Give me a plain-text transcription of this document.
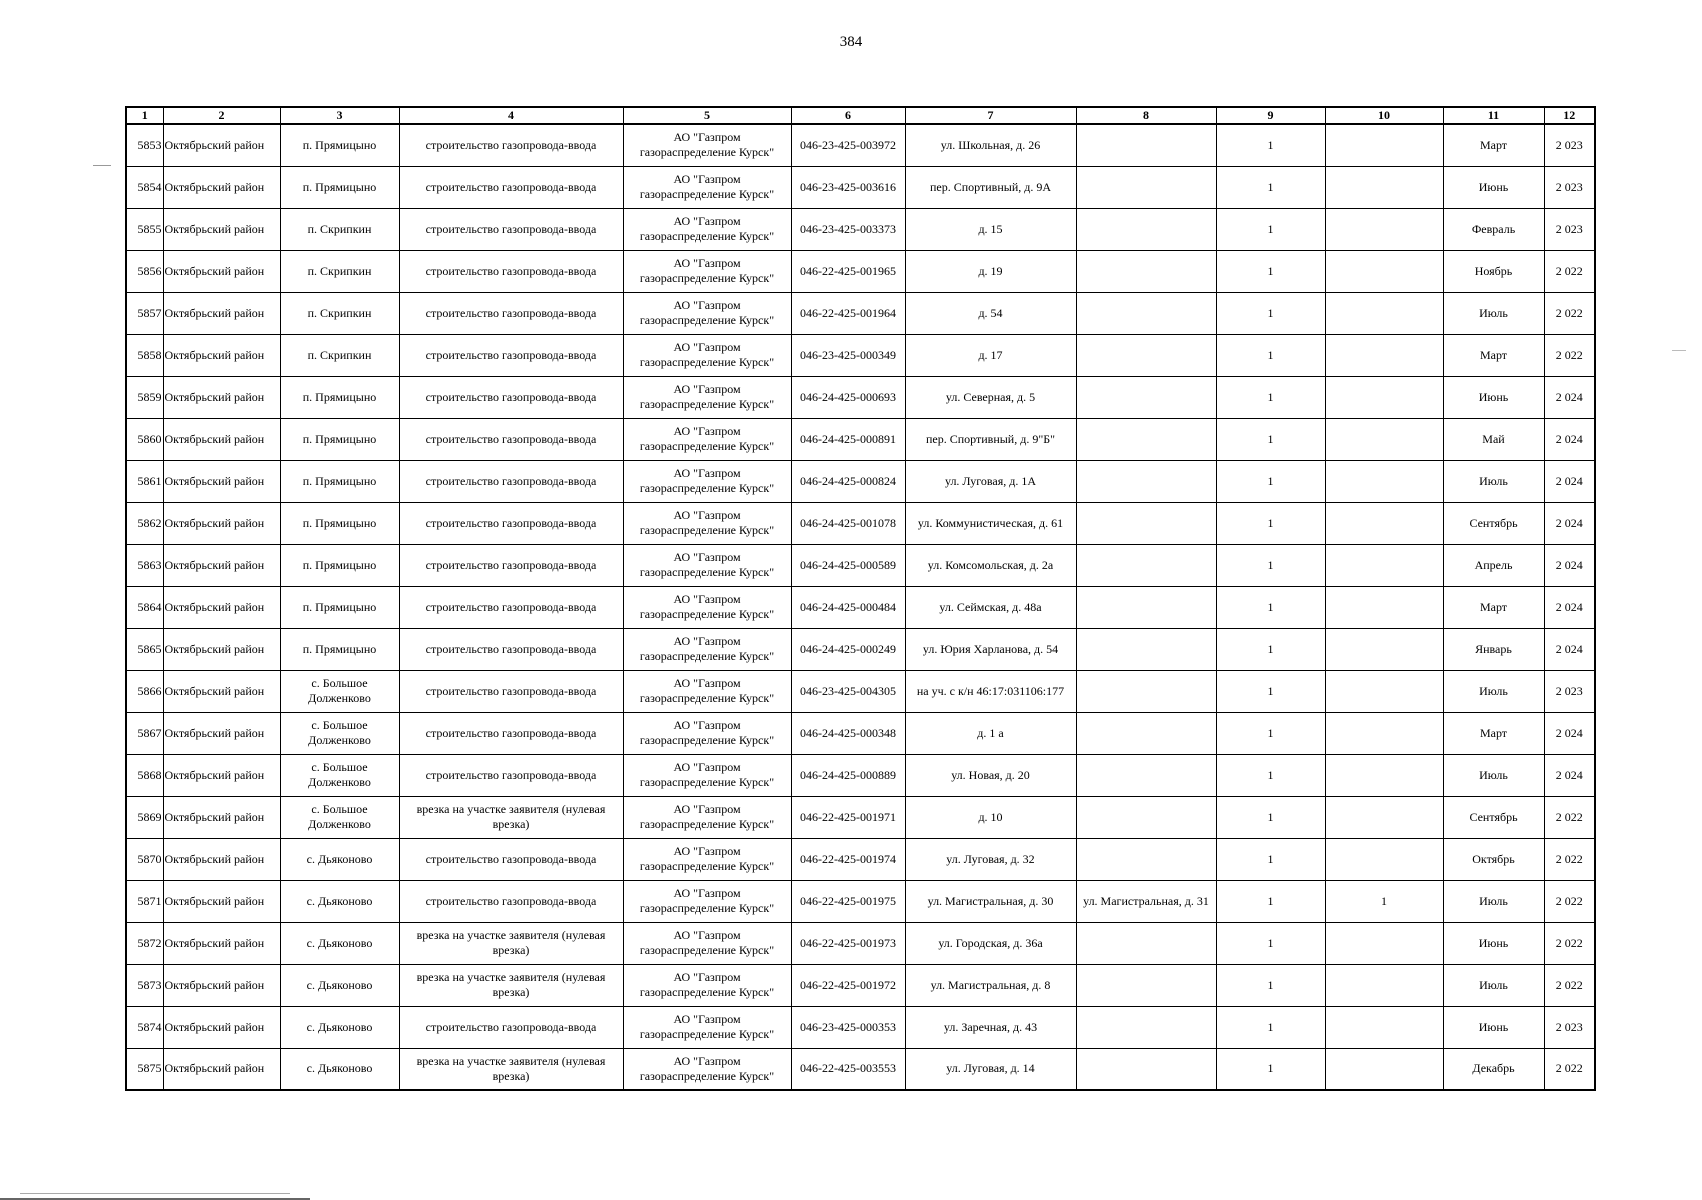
384
1	2	3	4	5	6	7	8	9	10	11	12
5853	Октябрьский район	п. Прямицыно	строительство газопровода-ввода	АО "Газпром газораспределение Курск"	046-23-425-003972	ул. Школьная, д. 26		1		Март	2 023
5854	Октябрьский район	п. Прямицыно	строительство газопровода-ввода	АО "Газпром газораспределение Курск"	046-23-425-003616	пер. Спортивный, д. 9А		1		Июнь	2 023
5855	Октябрьский район	п. Скрипкин	строительство газопровода-ввода	АО "Газпром газораспределение Курск"	046-23-425-003373	д. 15		1		Февраль	2 023
5856	Октябрьский район	п. Скрипкин	строительство газопровода-ввода	АО "Газпром газораспределение Курск"	046-22-425-001965	д. 19		1		Ноябрь	2 022
5857	Октябрьский район	п. Скрипкин	строительство газопровода-ввода	АО "Газпром газораспределение Курск"	046-22-425-001964	д. 54		1		Июль	2 022
5858	Октябрьский район	п. Скрипкин	строительство газопровода-ввода	АО "Газпром газораспределение Курск"	046-23-425-000349	д. 17		1		Март	2 022
5859	Октябрьский район	п. Прямицыно	строительство газопровода-ввода	АО "Газпром газораспределение Курск"	046-24-425-000693	ул. Северная, д. 5		1		Июнь	2 024
5860	Октябрьский район	п. Прямицыно	строительство газопровода-ввода	АО "Газпром газораспределение Курск"	046-24-425-000891	пер. Спортивный, д. 9"Б"		1		Май	2 024
5861	Октябрьский район	п. Прямицыно	строительство газопровода-ввода	АО "Газпром газораспределение Курск"	046-24-425-000824	ул. Луговая, д. 1А		1		Июль	2 024
5862	Октябрьский район	п. Прямицыно	строительство газопровода-ввода	АО "Газпром газораспределение Курск"	046-24-425-001078	ул. Коммунистическая, д. 61		1		Сентябрь	2 024
5863	Октябрьский район	п. Прямицыно	строительство газопровода-ввода	АО "Газпром газораспределение Курск"	046-24-425-000589	ул. Комсомольская, д. 2а		1		Апрель	2 024
5864	Октябрьский район	п. Прямицыно	строительство газопровода-ввода	АО "Газпром газораспределение Курск"	046-24-425-000484	ул. Сеймская, д. 48а		1		Март	2 024
5865	Октябрьский район	п. Прямицыно	строительство газопровода-ввода	АО "Газпром газораспределение Курск"	046-24-425-000249	ул. Юрия Харланова, д. 54		1		Январь	2 024
5866	Октябрьский район	с. Большое Долженково	строительство газопровода-ввода	АО "Газпром газораспределение Курск"	046-23-425-004305	на уч. с к/н 46:17:031106:177		1		Июль	2 023
5867	Октябрьский район	с. Большое Долженково	строительство газопровода-ввода	АО "Газпром газораспределение Курск"	046-24-425-000348	д. 1 а		1		Март	2 024
5868	Октябрьский район	с. Большое Долженково	строительство газопровода-ввода	АО "Газпром газораспределение Курск"	046-24-425-000889	ул. Новая, д. 20		1		Июль	2 024
5869	Октябрьский район	с. Большое Долженково	врезка на участке заявителя (нулевая врезка)	АО "Газпром газораспределение Курск"	046-22-425-001971	д. 10		1		Сентябрь	2 022
5870	Октябрьский район	с. Дьяконово	строительство газопровода-ввода	АО "Газпром газораспределение Курск"	046-22-425-001974	ул. Луговая, д. 32		1		Октябрь	2 022
5871	Октябрьский район	с. Дьяконово	строительство газопровода-ввода	АО "Газпром газораспределение Курск"	046-22-425-001975	ул. Магистральная, д. 30	ул. Магистральная, д. 31	1	1	Июль	2 022
5872	Октябрьский район	с. Дьяконово	врезка на участке заявителя (нулевая врезка)	АО "Газпром газораспределение Курск"	046-22-425-001973	ул. Городская, д. 36а		1		Июнь	2 022
5873	Октябрьский район	с. Дьяконово	врезка на участке заявителя (нулевая врезка)	АО "Газпром газораспределение Курск"	046-22-425-001972	ул. Магистральная, д. 8		1		Июль	2 022
5874	Октябрьский район	с. Дьяконово	строительство газопровода-ввода	АО "Газпром газораспределение Курск"	046-23-425-000353	ул. Заречная, д. 43		1		Июнь	2 023
5875	Октябрьский район	с. Дьяконово	врезка на участке заявителя (нулевая врезка)	АО "Газпром газораспределение Курск"	046-22-425-003553	ул. Луговая, д. 14		1		Декабрь	2 022
